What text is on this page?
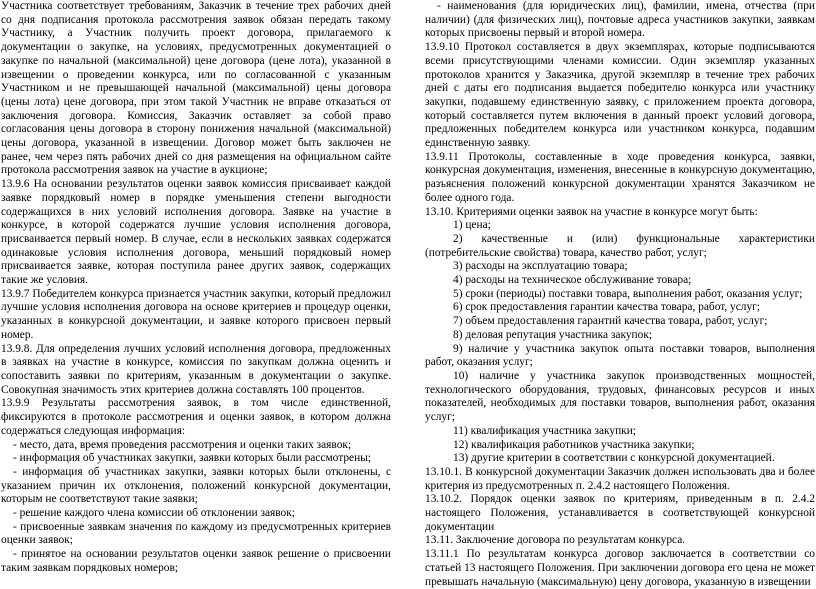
Участника соответствует требованиям, Заказчик в течение трех рабочих дней со дня подписания протокола рассмотрения заявок обязан передать такому Участнику, а Участник получить проект договора, прилагаемого к документации о закупке, на условиях, предусмотренных документацией о закупке по начальной (максимальной) цене договора (цене лота), указанной в извещении о проведении конкурса, или по согласованной с указанным Участником и не превышающей начальной (максимальной) цены договора (цены лота) цене договора, при этом такой Участник не вправе отказаться от заключения договора. Комиссия, Заказчик оставляет за собой право согласования цены договора в сторону понижения начальной (максимальной) цены договора, указанной в извещении. Договор может быть заключен не ранее, чем через пять рабочих дней со дня размещения на официальном сайте протокола рассмотрения заявок на участие в аукционе;

13.9.6 На основании результатов оценки заявок комиссия присваивает каждой заявке порядковый номер в порядке уменьшения степени выгодности содержащихся в них условий исполнения договора. Заявке на участие в конкурсе, в которой содержатся лучшие условия исполнения договора, присваивается первый номер. В случае, если в нескольких заявках содержатся одинаковые условия исполнения договора, меньший порядковый номер присваивается заявке, которая поступила ранее других заявок, содержащих такие же условия.

13.9.7 Победителем конкурса признается участник закупки, который предложил лучшие условия исполнения договора на основе критериев и процедур оценки, указанных в конкурсной документации, и заявке которого присвоен первый номер.

13.9.8. Для определения лучших условий исполнения договора, предложенных в заявках на участие в конкурсе, комиссия по закупкам должна оценить и сопоставить заявки по критериям, указанным в документации о закупке. Совокупная значимость этих критериев должна составлять 100 процентов.

13.9.9 Результаты рассмотрения заявок, в том числе единственной, фиксируются в протоколе рассмотрения и оценки заявок, в котором должна содержаться следующая информация:

- место, дата, время проведения рассмотрения и оценки таких заявок;

- информация об участниках закупки, заявки которых были рассмотрены;

- информация об участниках закупки, заявки которых были отклонены, с указанием причин их отклонения, положений конкурсной документации, которым не соответствуют такие заявки;

- решение каждого члена комиссии об отклонении заявок;

- присвоенные заявкам значения по каждому из предусмотренных критериев оценки заявок;

- принятое на основании результатов оценки заявок решение о присвоении таким заявкам порядковых номеров;

- наименования (для юридических лиц), фамилии, имена, отчества (при наличии) (для физических лиц), почтовые адреса участников закупки, заявкам которых присвоены первый и второй номера.

13.9.10 Протокол составляется в двух экземплярах, которые подписываются всеми присутствующими членами комиссии. Один экземпляр указанных протоколов хранится у Заказчика, другой экземпляр в течение трех рабочих дней с даты его подписания выдается победителю конкурса или участнику закупки, подавшему единственную заявку, с приложением проекта договора, который составляется путем включения в данный проект условий договора, предложенных победителем конкурса или участником конкурса, подавшим единственную заявку.

13.9.11 Протоколы, составленные в ходе проведения конкурса, заявки, конкурсная документация, изменения, внесенные в конкурсную документацию, разъяснения положений конкурсной документации хранятся Заказчиком не более одного года.

13.10. Критериями оценки заявок на участие в конкурсе могут быть:

1) цена;

2) качественные и (или) функциональные характеристики (потребительские свойства) товара, качество работ, услуг;

3) расходы на эксплуатацию товара;

4) расходы на техническое обслуживание товара;

5) сроки (периоды) поставки товара, выполнения работ, оказания услуг;

6) срок предоставления гарантии качества товара, работ, услуг;

7) объем предоставления гарантий качества товара, работ, услуг;

8) деловая репутация участника закупок;

9) наличие у участника закупок опыта поставки товаров, выполнения работ, оказания услуг;

10) наличие у участника закупок производственных мощностей, технологического оборудования, трудовых, финансовых ресурсов и иных показателей, необходимых для поставки товаров, выполнения работ, оказания услуг;

11) квалификация участника закупки;

12) квалификация работников участника закупки;

13) другие критерии в соответствии с конкурсной документацией.

13.10.1. В конкурсной документации Заказчик должен использовать два и более критерия из предусмотренных п. 2.4.2 настоящего Положения.

13.10.2. Порядок оценки заявок по критериям, приведенным в п. 2.4.2 настоящего Положения, устанавливается в соответствующей конкурсной документации

13.11. Заключение договора по результатам конкурса.

13.11.1 По результатам конкурса договор заключается в соответствии со статьей 13 настоящего Положения. При заключении договора его цена не может превышать начальную (максимальную) цену договора, указанную в извещении
